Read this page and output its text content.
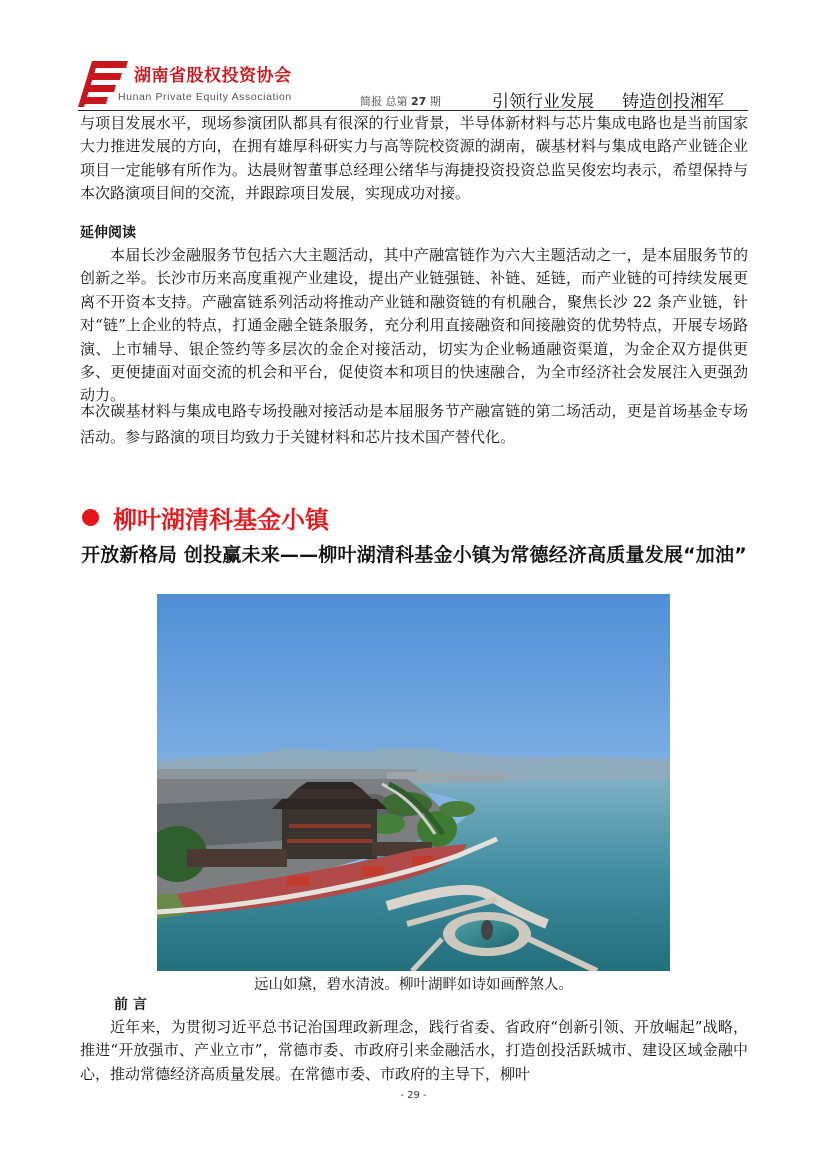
湖南省股权投资协会
Hunan Private Equity Association	简报 总第 27 期	引领行业发展 铸造创投湘军

与项目发展水平，现场参演团队都具有很深的行业背景，半导体新材料与芯片集成电路也是当前国家大力推进发展的方向，在拥有雄厚科研实力与高等院校资源的湖南，碳基材料与集成电路产业链企业项目一定能够有所作为。达晨财智董事总经理公绪华与海捷投资投资总监吴俊宏均表示，希望保持与本次路演项目间的交流，并跟踪项目发展，实现成功对接。

延伸阅读

本届长沙金融服务节包括六大主题活动，其中产融富链作为六大主题活动之一，是本届服务节的创新之举。长沙市历来高度重视产业建设，提出产业链强链、补链、延链，而产业链的可持续发展更离不开资本支持。产融富链系列活动将推动产业链和融资链的有机融合，聚焦长沙 22 条产业链，针对“链”上企业的特点，打通金融全链条服务，充分利用直接融资和间接融资的优势特点，开展专场路演、上市辅导、银企签约等多层次的金企对接活动，切实为企业畅通融资渠道，为金企双方提供更多、更便捷面对面交流的机会和平台，促使资本和项目的快速融合，为全市经济社会发展注入更强劲动力。

本次碳基材料与集成电路专场投融对接活动是本届服务节产融富链的第二场活动，更是首场基金专场活动。参与路演的项目均致力于关键材料和芯片技术国产替代化。

柳叶湖清科基金小镇
开放新格局 创投赢未来——柳叶湖清科基金小镇为常德经济高质量发展“加油”
远山如黛，碧水清波。柳叶湖畔如诗如画醉煞人。
前 言

近年来，为贯彻习近平总书记治国理政新理念，践行省委、省政府“创新引领、开放崛起”战略，推进“开放强市、产业立市”，常德市委、市政府引来金融活水，打造创投活跃城市、建设区域金融中心，推动常德经济高质量发展。在常德市委、市政府的主导下，柳叶

- 29 -
